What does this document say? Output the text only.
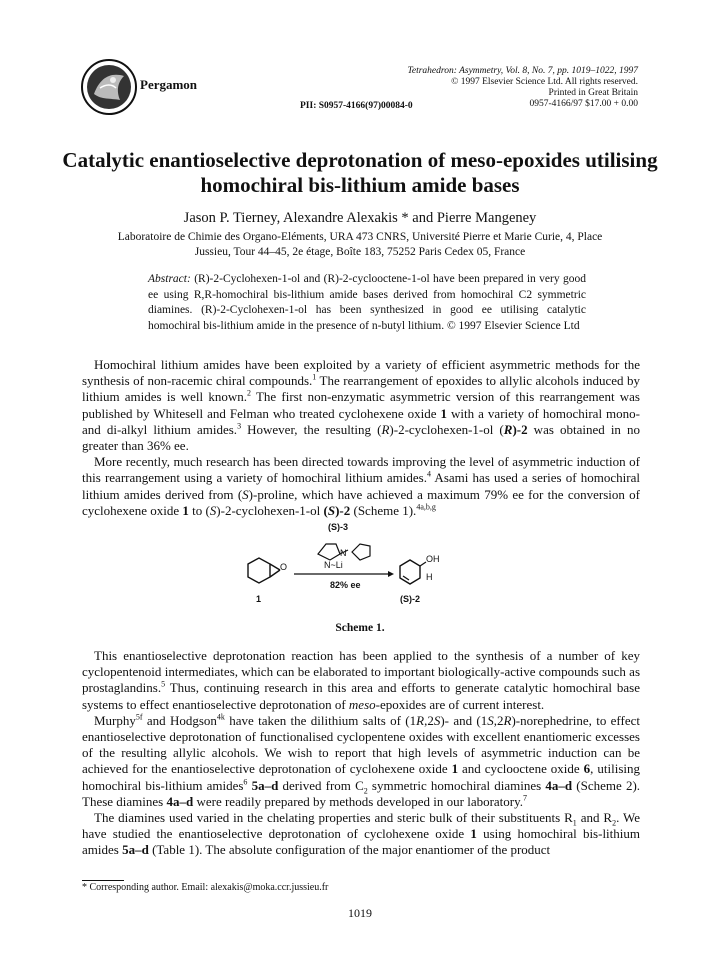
Pergamon
Tetrahedron: Asymmetry, Vol. 8, No. 7, pp. 1019–1022, 1997
© 1997 Elsevier Science Ltd. All rights reserved.
Printed in Great Britain
0957-4166/97 $17.00 + 0.00
PII: S0957-4166(97)00084-0
Catalytic enantioselective deprotonation of meso-epoxides utilising
homochiral bis-lithium amide bases
Jason P. Tierney, Alexandre Alexakis * and Pierre Mangeney
Laboratoire de Chimie des Organo-Eléments, URA 473 CNRS, Université Pierre et Marie Curie, 4, Place
Jussieu, Tour 44–45, 2e étage, Boîte 183, 75252 Paris Cedex 05, France
Abstract: (R)-2-Cyclohexen-1-ol and (R)-2-cyclooctene-1-ol have been prepared in very good ee using R,R-homochiral bis-lithium amide bases derived from homochiral C2 symmetric diamines. (R)-2-Cyclohexen-1-ol has been synthesized in good ee utilising catalytic homochiral bis-lithium amide in the presence of n-butyl lithium. © 1997 Elsevier Science Ltd

Homochiral lithium amides have been exploited by a variety of efficient asymmetric methods for the synthesis of non-racemic chiral compounds.$^1$ The rearrangement of epoxides to allylic alcohols induced by lithium amides is well known.$^2$ The first non-enzymatic asymmetric version of this rearrangement was published by Whitesell and Felman who treated cyclohexene oxide 1 with a variety of homochiral mono- and di-alkyl lithium amides.$^3$ However, the resulting (R)-2-cyclohexen-1-ol (R)-2 was obtained in no greater than 36% ee.

More recently, much research has been directed towards improving the level of asymmetric induction of this rearrangement using a variety of homochiral lithium amides.$^4$ Asami has used a series of homochiral lithium amides derived from (S)-proline, which have achieved a maximum 79% ee for the conversion of cyclohexene oxide 1 to (S)-2-cyclohexen-1-ol (S)-2 (Scheme 1).$^{4a,b,g}$

(S)-3
N
N~Li
O
82% ee
1
H
OH
(S)-2
Scheme 1.

This enantioselective deprotonation reaction has been applied to the synthesis of a number of key cyclopentenoid intermediates, which can be elaborated to important biologically-active compounds such as prostaglandins.$^5$ Thus, continuing research in this area and efforts to generate catalytic homochiral base systems to effect enantioselective deprotonation of meso-epoxides are of current interest.

Murphy$^{5f}$ and Hodgson$^{4k}$ have taken the dilithium salts of (1R,2S)- and (1S,2R)-norephedrine, to effect enantioselective deprotonation of functionalised cyclopentene oxides with excellent enantiomeric excesses of the resulting allylic alcohols. We wish to report that high levels of asymmetric induction can be achieved for the enantioselective deprotonation of cyclohexene oxide 1 and cyclooctene oxide 6, utilising homochiral bis-lithium amides$^6$ 5a–d derived from $C_2$ symmetric homochiral diamines 4a–d (Scheme 2). These diamines 4a–d were readily prepared by methods developed in our laboratory.$^7$

The diamines used varied in the chelating properties and steric bulk of their substituents $R_1$ and $R_2$. We have studied the enantioselective deprotonation of cyclohexene oxide 1 using homochiral bis-lithium amides 5a–d (Table 1). The absolute configuration of the major enantiomer of the product

* Corresponding author. Email: alexakis@moka.ccr.jussieu.fr
1019
